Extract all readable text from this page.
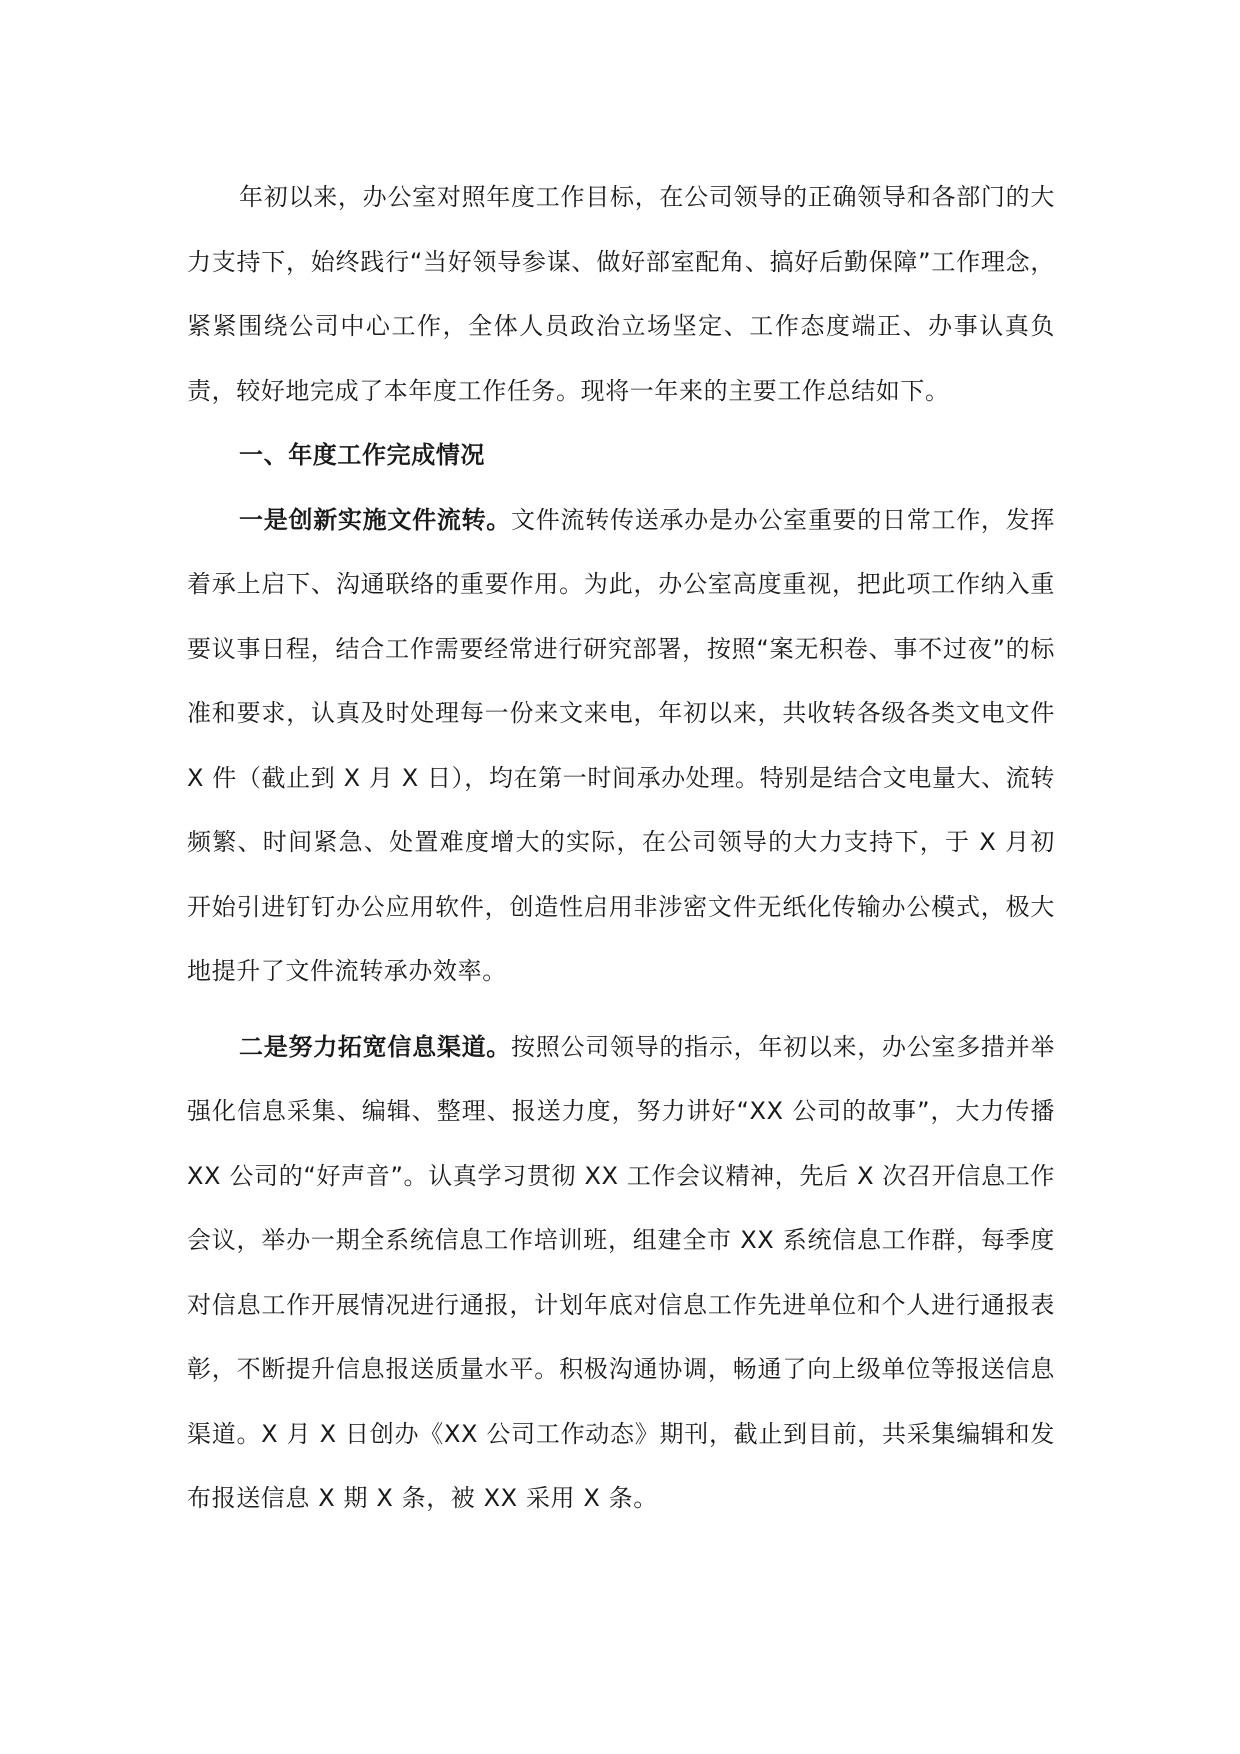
年初以来，办公室对照年度工作目标，在公司领导的正确领导和各部门的大力支持下，始终践行“当好领导参谋、做好部室配角、搞好后勤保障”工作理念，紧紧围绕公司中心工作，全体人员政治立场坚定、工作态度端正、办事认真负责，较好地完成了本年度工作任务。现将一年来的主要工作总结如下。

一、年度工作完成情况

一是创新实施文件流转。文件流转传送承办是办公室重要的日常工作，发挥着承上启下、沟通联络的重要作用。为此，办公室高度重视，把此项工作纳入重要议事日程，结合工作需要经常进行研究部署，按照“案无积卷、事不过夜”的标准和要求，认真及时处理每一份来文来电，年初以来，共收转各级各类文电文件 X 件（截止到 X 月 X 日），均在第一时间承办处理。特别是结合文电量大、流转频繁、时间紧急、处置难度增大的实际，在公司领导的大力支持下，于 X 月初开始引进钉钉办公应用软件，创造性启用非涉密文件无纸化传输办公模式，极大地提升了文件流转承办效率。

二是努力拓宽信息渠道。按照公司领导的指示，年初以来，办公室多措并举强化信息采集、编辑、整理、报送力度，努力讲好“XX 公司的故事”，大力传播 XX 公司的“好声音”。认真学习贯彻 XX 工作会议精神，先后 X 次召开信息工作会议，举办一期全系统信息工作培训班，组建全市 XX 系统信息工作群，每季度对信息工作开展情况进行通报，计划年底对信息工作先进单位和个人进行通报表彰，不断提升信息报送质量水平。积极沟通协调，畅通了向上级单位等报送信息渠道。X 月 X 日创办《XX 公司工作动态》期刊，截止到目前，共采集编辑和发布报送信息 X 期 X 条，被 XX 采用 X 条。
